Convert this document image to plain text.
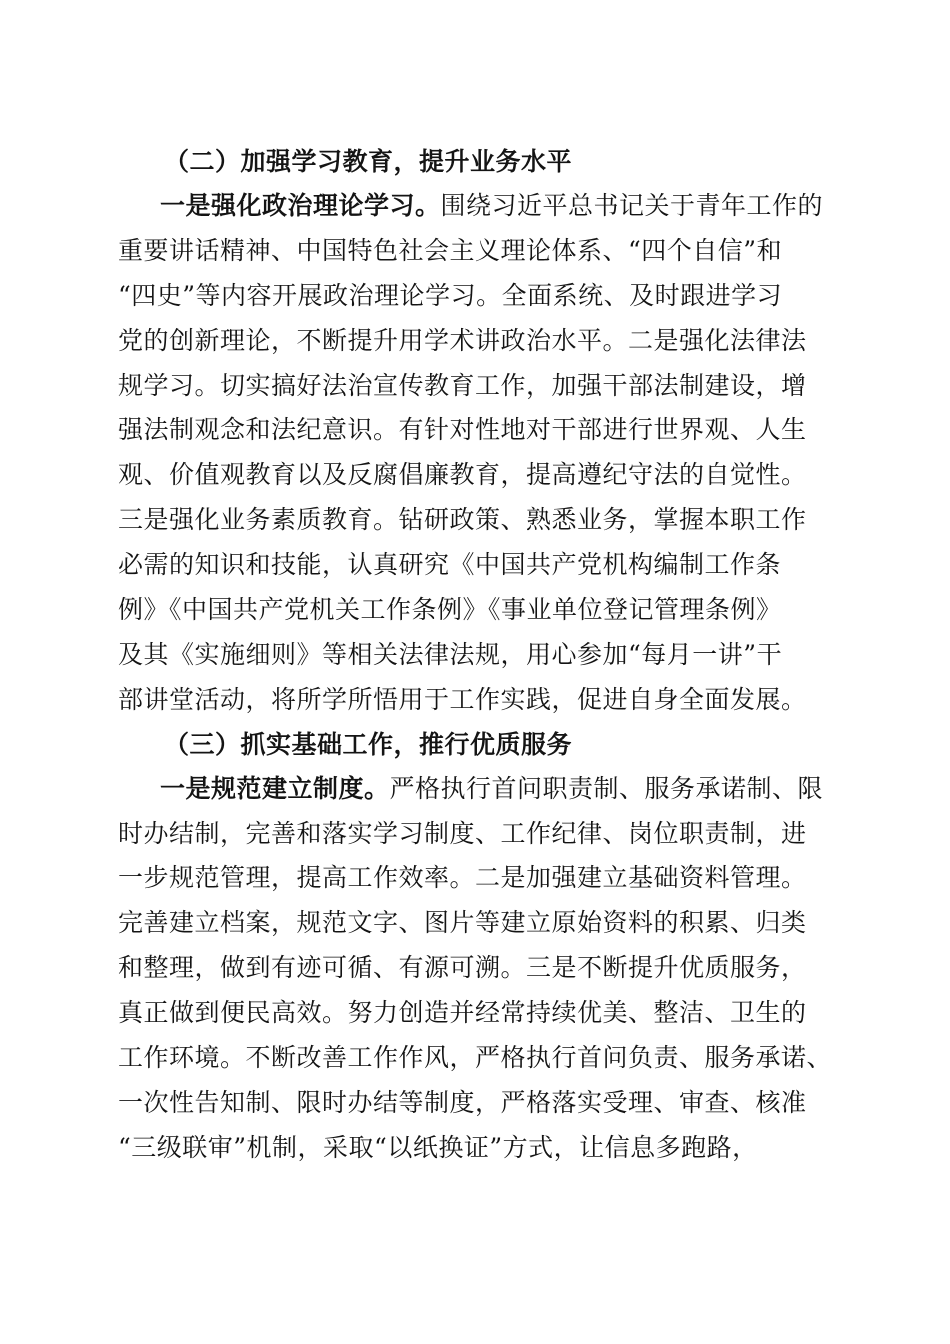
（二）加强学习教育，提升业务水平
一是强化政治理论学习。围绕习近平总书记关于青年工作的
重要讲话精神、中国特色社会主义理论体系、“四个自信”和
“四史”等内容开展政治理论学习。全面系统、及时跟进学习
党的创新理论，不断提升用学术讲政治水平。二是强化法律法
规学习。切实搞好法治宣传教育工作，加强干部法制建设，增
强法制观念和法纪意识。有针对性地对干部进行世界观、人生
观、价值观教育以及反腐倡廉教育，提高遵纪守法的自觉性。
三是强化业务素质教育。钻研政策、熟悉业务，掌握本职工作
必需的知识和技能，认真研究《中国共产党机构编制工作条
例》《中国共产党机关工作条例》《事业单位登记管理条例》
及其《实施细则》等相关法律法规，用心参加“每月一讲”干
部讲堂活动，将所学所悟用于工作实践，促进自身全面发展。
（三）抓实基础工作，推行优质服务
一是规范建立制度。严格执行首问职责制、服务承诺制、限
时办结制，完善和落实学习制度、工作纪律、岗位职责制，进
一步规范管理，提高工作效率。二是加强建立基础资料管理。
完善建立档案，规范文字、图片等建立原始资料的积累、归类
和整理，做到有迹可循、有源可溯。三是不断提升优质服务，
真正做到便民高效。努力创造并经常持续优美、整洁、卫生的
工作环境。不断改善工作作风，严格执行首问负责、服务承诺、
一次性告知制、限时办结等制度，严格落实受理、审查、核准
“三级联审”机制，采取“以纸换证”方式，让信息多跑路，
